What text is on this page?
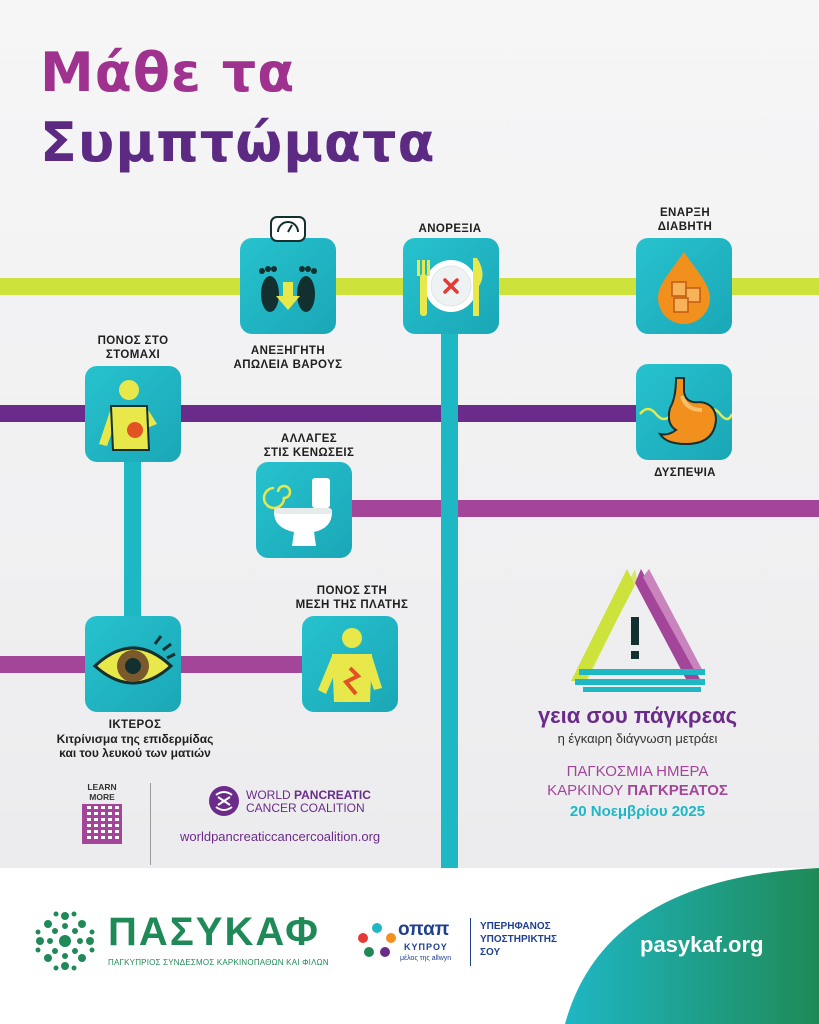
Μάθε τα
Συμπτώματα
ΑΝΕΞΗΓΗΤΗ
ΑΠΩΛΕΙΑ ΒΑΡΟΥΣ
ΑΝΟΡΕΞΙΑ
ΕΝΑΡΞΗ
ΔΙΑΒΗΤΗ
ΠΟΝΟΣ ΣΤΟ
ΣΤΟΜΑΧΙ
ΔΥΣΠΕΨΙΑ
ΑΛΛΑΓΕΣ
ΣΤΙΣ ΚΕΝΩΣΕΙΣ
ΠΟΝΟΣ ΣΤΗ
ΜΕΣΗ ΤΗΣ ΠΛΑΤΗΣ
ΙΚΤΕΡΟΣ
Κιτρίνισμα της επιδερμίδας
και του λευκού των ματιών
γεια σου πάγκρεας
η έγκαιρη διάγνωση μετράει
ΠΑΓΚΟΣΜΙΑ ΗΜΕΡΑ
ΚΑΡΚΙΝΟΥ ΠΑΓΚΡΕΑΤΟΣ
20 Νοεμβρίου 2025
LEARN
MORE	WORLD PANCREATIC
CANCER COALITION
worldpancreaticcancercoalition.org
ΠΑΣΥΚΑΦ
ΠΑΓΚΥΠΡΙΟΣ ΣΥΝΔΕΣΜΟΣ ΚΑΡΚΙΝΟΠΑΘΩΝ ΚΑΙ ΦΙΛΩΝ
οπαπ
ΚΥΠΡΟΥ
μέλος της allwyn
ΥΠΕΡΗΦΑΝΟΣ
ΥΠΟΣΤΗΡΙΚΤΗΣ
ΣΟΥ	pasykaf.org
